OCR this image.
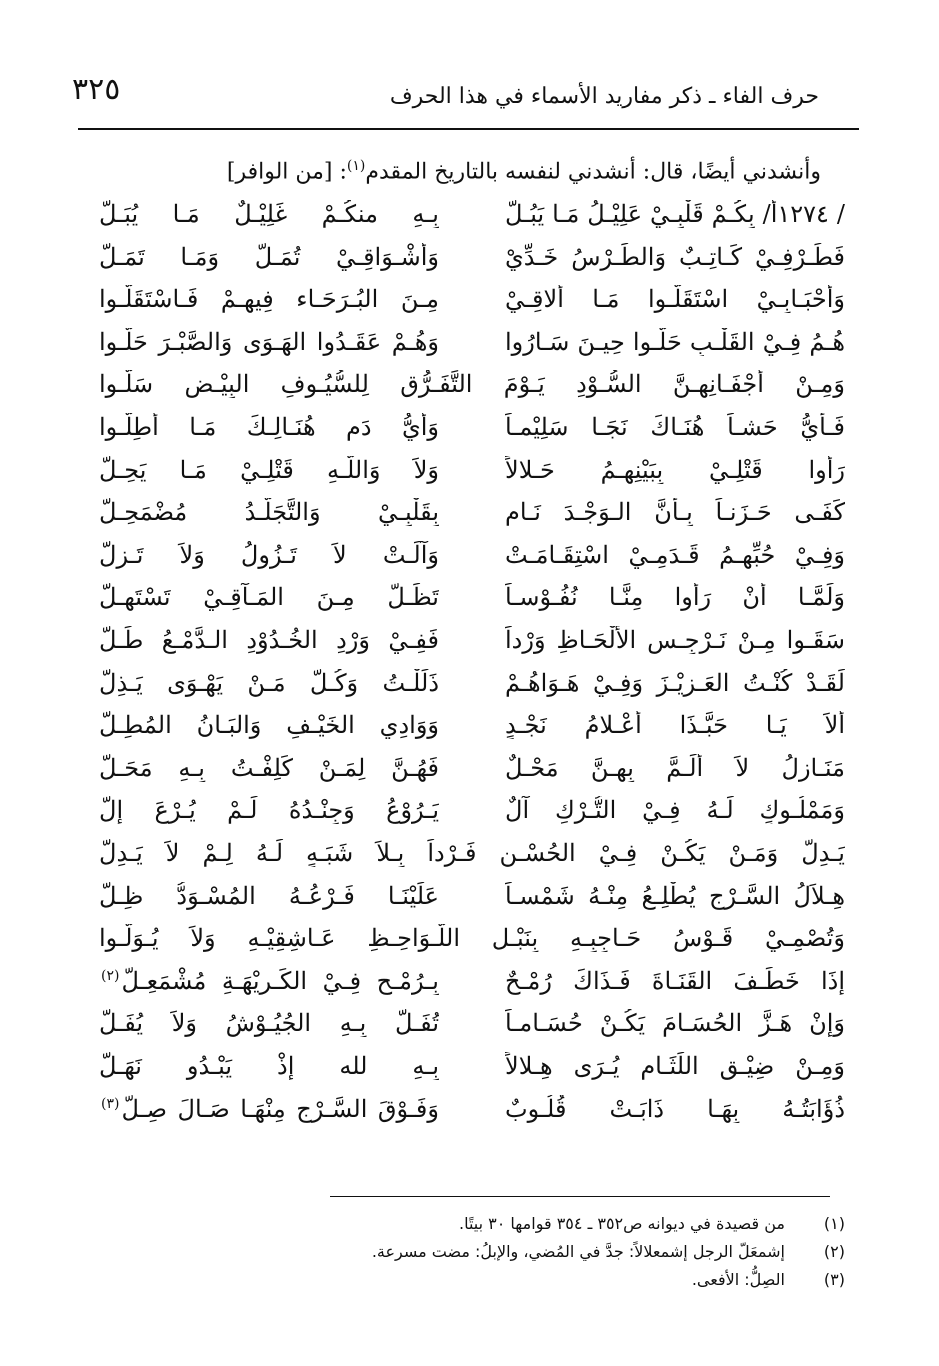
٣٢٥	حرف الفاء ـ ذكر مفاريد الأسماء في هذا الحرف
وأنشدني أيضًا، قال: أنشدني لنفسه بالتاريخ المقدم$^{(١)}$: [من الوافر]
/ ١٢٧٤أ/ بِكُـمْ قَلْبِـيْ عَلِيْـلُ مَـا يَبُـلُّ
بِـهِ منكُـمْ غَلِيْـلٌ مَـا يُبَـلُّ
فَطَـرْفِـيْ كَـاتِـبٌ وَالطِّـرْسُ خَـدِّيْ
وَأَشْـوَاقِـيْ تُمَـلُّ وَمَـا تَمَـلُّ
وَأَحْبَـابِـيْ اسْتَقَلُّـوا مَـا أُلاقِـيْ
مِـنَ البُـرَحَـاء فِيهِـمْ فَـاسْتَقَلُّـوا
هُـمُ فِـيْ القَلْـبِ حَلُّـوا حِيـنَ سَـارُوا
وَهُـمْ عَقَـدُوا الهَـوَى وَالصَّبْـرَ حَلُّـوا
وَمِـنْ أَجْفَـانِهِـنَّ السُّـوْدِ يَـوْمَ التَّفَـرُّقِ لِلسُّيُـوفِ البِيْـضِ سَلُّـوا
فَـأَيُّ حَشـاً هُنَـاكَ نَجَـا سَلِيْمـاً
وَأَيُّ دَمٍ هُنَـالِـكَ مَـا أُطِلُّـوا
رَأَوا قَتْلِـيْ بِبَيْنِهِـمُ حَـلالاً
وَلاَ وَاللّـهِ قَتْلِـيْ مَـا يَحِـلُّ
كَفَـى حَـزَنـاً بِـأَنَّ الـوَجْـدَ نَـامٍ
بِقَلْبِـيْ وَالتَّجَلُّـدُ مُضْمَحِـلُّ
وَفِـيْ حُبِّهِـمُ قَـدَمِـيْ اسْتِقَـامَـتْ
وَآلَـتْ لاَ تَـزُولُ وَلاَ تَـزِلُّ
وَلَمَّـا أَنْ رَأَوا مِنَّـا نُفُـوْسـاً
تَظَـلُّ مِـنَ المَـآقِـيْ تَسْتَهِـلُّ
سَقَـوا مِـنْ نَـرْجِـسِ الأَلْحَـاظِ وَرْداً
فَفِـيْ وَرْدِ الخُـدُوْدِ الـدَّمْـعُ طَـلُّ
لَقَـدْ كُنْـتُ العَـزِيْـزَ وَفِـيْ هَـوَاهُـمْ
ذَلَلْـتُ وَكُـلُّ مَـنْ يَهْـوَى يَـذِلُّ
أَلاَ يَـا حَبَّـذَا أَعْـلامُ نَجْـدٍ
وَوَادِي الخَيْـفِ وَالبَـانُ المُطِـلُّ
مَنَـازِلُ لاَ أَلَـمَّ بِهِـنَّ مَحْـلٌ
فَهُـنَّ لِمَـنْ كَلِفْـتُ بِـهِ مَحَـلُّ
وَمَمْلُـوكٍ لَـهُ فِـيْ التُّـرْكِ آلٌ
يَـرُوْعُ وَجِنْـدُهُ لَـمْ يُـرْعَ إِلُّ
يَـدِلُّ وَمَـنْ يَكُـنْ فِـيْ الحُسْـنِ فَـرْداً بِـلاَ شَبَـهٍ لَـهُ لِـمْ لاَ يَـدِلُّ
هِـلاَلُ السَّـرْجِ يُطْلِـعُ مِنْـهُ شَمْسـاً
عَلَيْنَـا فَـرْعُـهُ المُسْـوَدُّ ظِـلُّ
وَتُصْمِـيْ قَـوْسُ حَـاجِبِـهِ بِنَبْـلِ اللَّـوَاحِـظِ عَـاشِقِيْـهِ وَلاَ يُـوَلُّـوا
إِذَا خَطَـفَ القَنَـاةَ فَـذَاكَ رُمْـحٌ
بِـرُمْـحٍ فِـيْ الكَـرِيْهَـةِ مُشْمَعِـلُّ$^{(٢)}$
وَإِنْ هَـزَّ الحُسَـامَ يَكُـنْ حُسَـامـاً
تُفَـلُّ بِـهِ الجُيُـوْشُ وَلاَ يُفَـلُّ
وَمِـنْ ضِيْـقِ اللِّثَـامِ يُـرَى هِـلالاً
بِـهِ لله إِذْ يَبْـدُو نَهَـلُّ
ذُؤَابَتُـهُ بِهَـا ذَابَـتْ قُلُـوبٌ
وَفَـوْقَ السَّـرْجِ مِنْهَـا صَـالَ صِـلُّ$^{(٣)}$
(١)من قصيدة في ديوانه ص٣٥٢ ـ ٣٥٤ قوامها ٣٠ بيتًا.
(٢)إشمعَلّ الرجل إشمعلالاً: جدَّ في المُضي، والإبلُ: مضت مسرعة.
(٣)الصِلُّ: الأفعى.
